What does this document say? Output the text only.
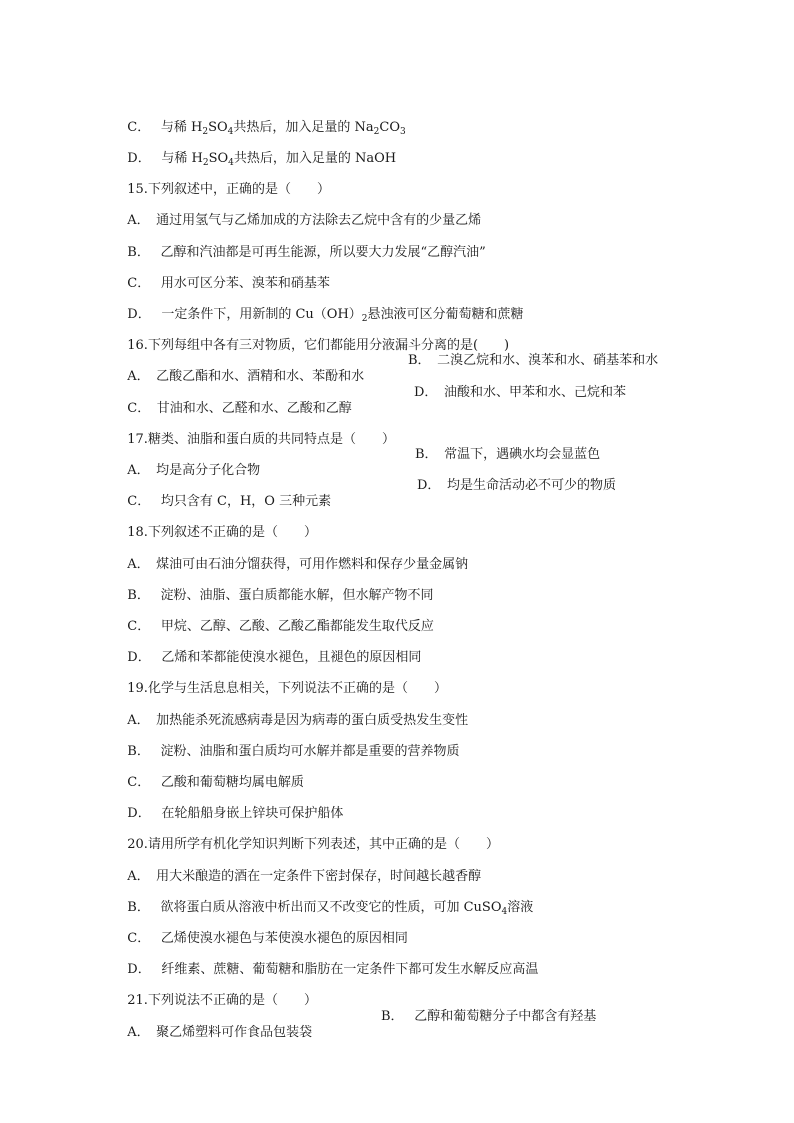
C．　 与稀 $H_2SO_4$共热后，加入足量的 $Na_2CO_3$

D．　 与稀 $H_2SO_4$共热后，加入足量的 NaOH

15.下列叙述中，正确的是（　　）

A．　 通过用氢气与乙烯加成的方法除去乙烷中含有的少量乙烯

B．　 乙醇和汽油都是可再生能源，所以要大力发展“乙醇汽油”

C．　 用水可区分苯、溴苯和硝基苯

D．　 一定条件下，用新制的 $Cu(OH)_2$悬浊液可区分葡萄糖和蔗糖

16.下列每组中各有三对物质，它们都能用分液漏斗分离的是(　　)

A．　 乙酸乙酯和水、酒精和水、苯酚和水

B．　 二溴乙烷和水、溴苯和水、硝基苯和水

C．　 甘油和水、乙醛和水、乙酸和乙醇

D．　 油酸和水、甲苯和水、己烷和苯

17.糖类、油脂和蛋白质的共同特点是（　　）

A．　 均是高分子化合物

B．　 常温下，遇碘水均会显蓝色

C．　 均只含有 C，H，O 三种元素

D．　 均是生命活动必不可少的物质

18.下列叙述不正确的是（　　）

A．　 煤油可由石油分馏获得，可用作燃料和保存少量金属钠

B．　 淀粉、油脂、蛋白质都能水解，但水解产物不同

C．　 甲烷、乙醇、乙酸、乙酸乙酯都能发生取代反应

D．　 乙烯和苯都能使溴水褪色，且褪色的原因相同

19.化学与生活息息相关，下列说法不正确的是（　　）

A．　 加热能杀死流感病毒是因为病毒的蛋白质受热发生变性

B．　 淀粉、油脂和蛋白质均可水解并都是重要的营养物质

C．　 乙酸和葡萄糖均属电解质

D．　 在轮船船身嵌上锌块可保护船体

20.请用所学有机化学知识判断下列表述，其中正确的是（　　）

A．　 用大米酿造的酒在一定条件下密封保存，时间越长越香醇

B．　 欲将蛋白质从溶液中析出而又不改变它的性质，可加 CuSO$_4$溶液

C．　 乙烯使溴水褪色与苯使溴水褪色的原因相同

D．　 纤维素、蔗糖、葡萄糖和脂肪在一定条件下都可发生水解反应高温

21.下列说法不正确的是（　　）

A．　 聚乙烯塑料可作食品包装袋

B．　 乙醇和葡萄糖分子中都含有羟基
